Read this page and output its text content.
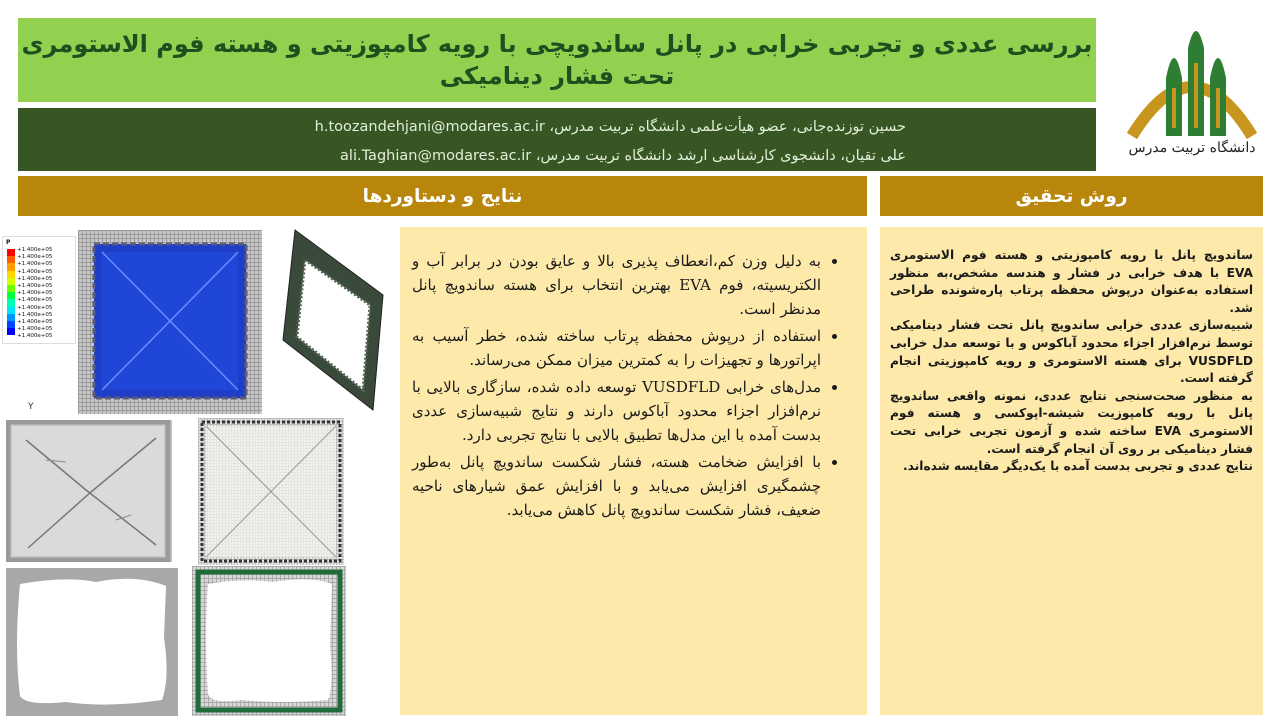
بررسی عددی و تجربی خرابی در پانل ساندویچی با رویه کامپوزیتی و هسته فوم الاستومری
تحت فشار دینامیکی
حسین توزنده‌جانی، عضو هیأت‌علمی دانشگاه تربیت مدرس، h.toozandehjani@modares.ac.ir
علی تقیان، دانشجوی کارشناسی ارشد دانشگاه تربیت مدرس، ali.Taghian@modares.ac.ir	دانشگاه تربیت مدرس
نتایج و دستاوردها	روش تحقیق

ساندویچ پانل با رویه کامپوزیتی و هسته فوم الاستومری EVA با هدف خرابی در فشار و هندسه مشخص،به منظور استفاده به‌عنوان درپوش محفظه پرتاب پاره‌شونده طراحی شد.

شبیه‌سازی عددی خرابی ساندویچ پانل تحت فشار دینامیکی توسط نرم‌افزار اجزاء محدود آباکوس و با توسعه مدل خرابی VUSDFLD برای هسته الاستومری و رویه کامپوزیتی انجام گرفته است.

به منظور صحت‌سنجی نتایج عددی، نمونه واقعی ساندویچ پانل با رویه کامپوزیت شیشه-اپوکسی و هسته فوم الاستومری EVA ساخته شده و آزمون تجربی خرابی تحت فشار دینامیکی بر روی آن انجام گرفته است.

نتایج عددی و تجربی بدست آمده با یک‌دیگر مقایسه شده‌اند.

• به دلیل وزن کم،انعطاف پذیری بالا و عایق بودن در برابر آب و الکتریسیته، فوم EVA بهترین انتخاب برای هسته ساندویچ پانل مدنظر است.
• استفاده از درپوش محفظه پرتاب ساخته شده، خطر آسیب به اپراتورها و تجهیزات را به کمترین میزان ممکن می‌رساند.
• مدل‌های خرابی VUSDFLD توسعه داده شده، سازگاری بالایی با نرم‌افزار اجزاء محدود آباکوس دارند و نتایج شبیه‌سازی عددی بدست آمده با این مدل‌ها تطبیق بالایی با نتایج تجربی دارد.
• با افزایش ضخامت هسته، فشار شکست ساندویچ پانل به‌طور چشمگیری افزایش می‌یابد و با افزایش عمق شیارهای ناحیه ضعیف، فشار شکست ساندویچ پانل کاهش می‌یابد.
P
+1.400e+05
+1.400e+05
+1.400e+05
+1.400e+05
+1.400e+05
+1.400e+05
+1.400e+05
+1.400e+05
+1.400e+05
+1.400e+05
+1.400e+05
+1.400e+05
+1.400e+05
Y
